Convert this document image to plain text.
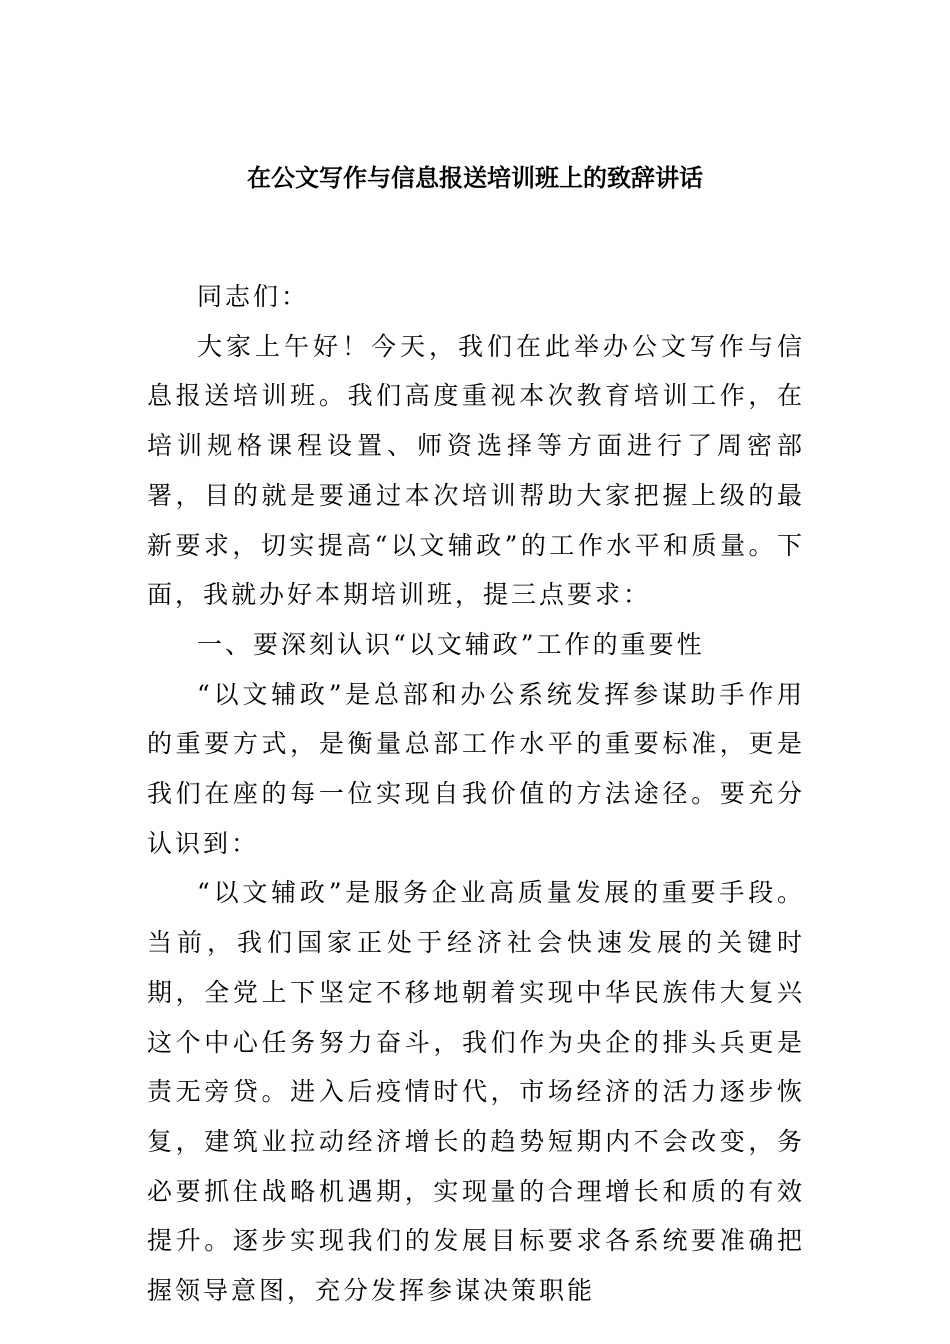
在公文写作与信息报送培训班上的致辞讲话

同志们：

大家上午好！今天，我们在此举办公文写作与信息报送培训班。我们高度重视本次教育培训工作，在培训规格课程设置、师资选择等方面进行了周密部署，目的就是要通过本次培训帮助大家把握上级的最新要求，切实提高“以文辅政”的工作水平和质量。下面，我就办好本期培训班，提三点要求：

一、要深刻认识“以文辅政”工作的重要性

“以文辅政”是总部和办公系统发挥参谋助手作用的重要方式，是衡量总部工作水平的重要标准，更是我们在座的每一位实现自我价值的方法途径。要充分认识到：

“以文辅政”是服务企业高质量发展的重要手段。当前，我们国家正处于经济社会快速发展的关键时期，全党上下坚定不移地朝着实现中华民族伟大复兴这个中心任务努力奋斗，我们作为央企的排头兵更是责无旁贷。进入后疫情时代，市场经济的活力逐步恢复，建筑业拉动经济增长的趋势短期内不会改变，务必要抓住战略机遇期，实现量的合理增长和质的有效提升。逐步实现我们的发展目标要求各系统要准确把握领导意图，充分发挥参谋决策职能
